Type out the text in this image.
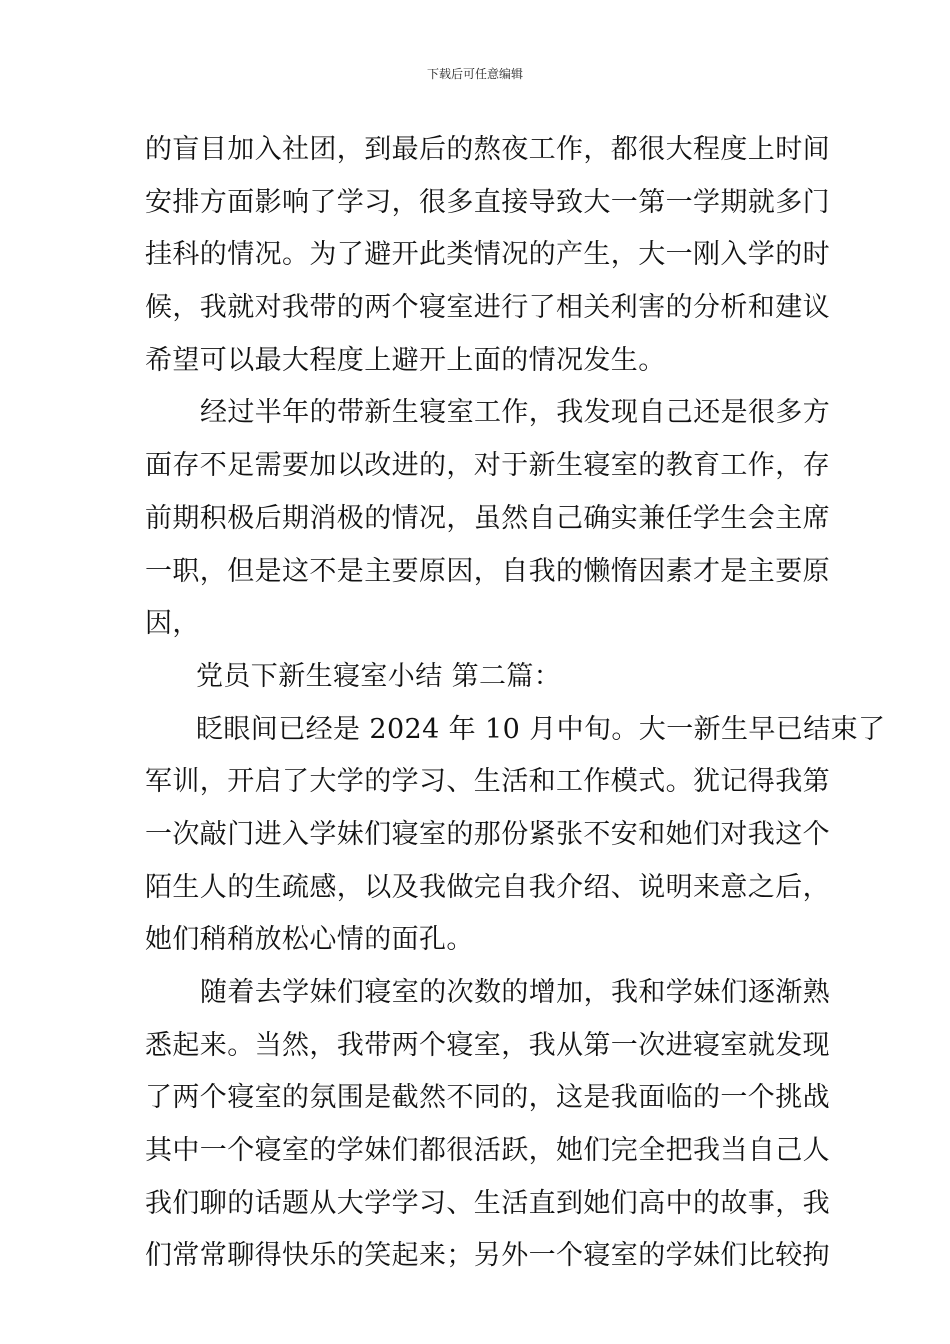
下载后可任意编辑
的盲目加入社团，到最后的熬夜工作，都很大程度上时间
安排方面影响了学习，很多直接导致大一第一学期就多门
挂科的情况。为了避开此类情况的产生，大一刚入学的时
候，我就对我带的两个寝室进行了相关利害的分析和建议
希望可以最大程度上避开上面的情况发生。
经过半年的带新生寝室工作，我发现自己还是很多方
面存不足需要加以改进的，对于新生寝室的教育工作，存
前期积极后期消极的情况，虽然自己确实兼任学生会主席
一职，但是这不是主要原因，自我的懒惰因素才是主要原
因，
党员下新生寝室小结 第二篇：
眨眼间已经是 2024 年 10 月中旬。大一新生早已结束了
军训，开启了大学的学习、生活和工作模式。犹记得我第
一次敲门进入学妹们寝室的那份紧张不安和她们对我这个
陌生人的生疏感，以及我做完自我介绍、说明来意之后，
她们稍稍放松心情的面孔。
随着去学妹们寝室的次数的增加，我和学妹们逐渐熟
悉起来。当然，我带两个寝室，我从第一次进寝室就发现
了两个寝室的氛围是截然不同的，这是我面临的一个挑战
其中一个寝室的学妹们都很活跃，她们完全把我当自己人
我们聊的话题从大学学习、生活直到她们高中的故事，我
们常常聊得快乐的笑起来；另外一个寝室的学妹们比较拘
